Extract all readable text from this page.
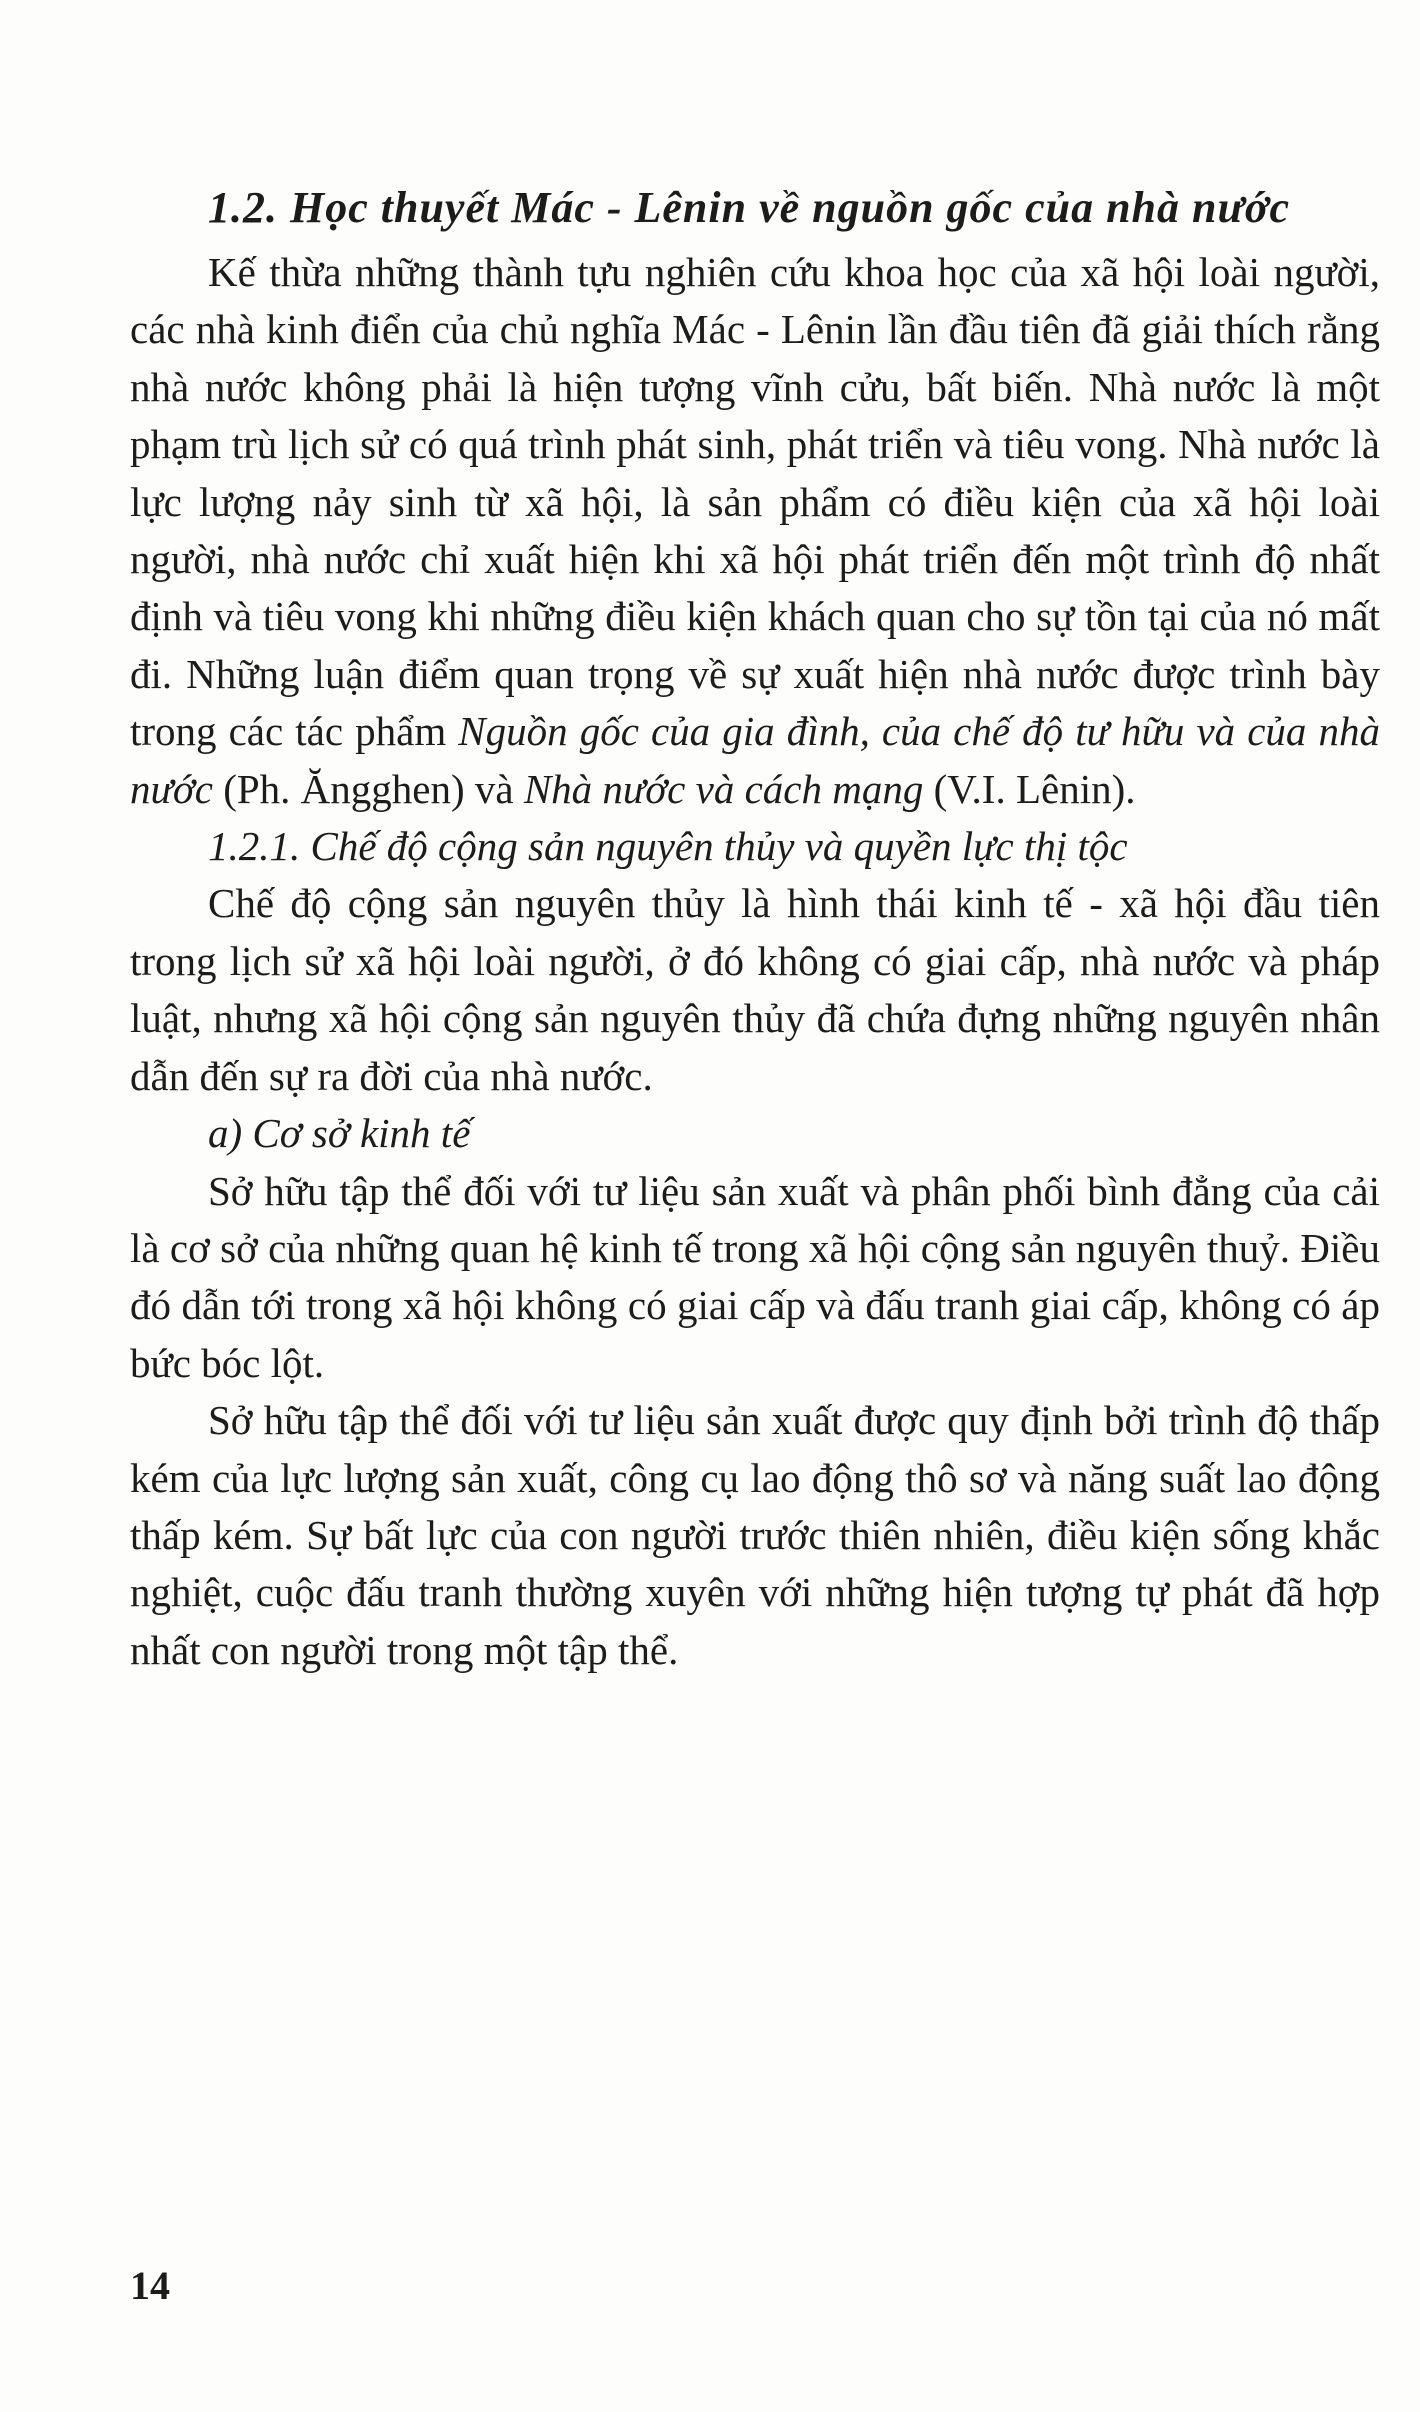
1.2. Học thuyết Mác - Lênin về nguồn gốc của nhà nước

Kế thừa những thành tựu nghiên cứu khoa học của xã hội loài người, các nhà kinh điển của chủ nghĩa Mác - Lênin lần đầu tiên đã giải thích rằng nhà nước không phải là hiện tượng vĩnh cửu, bất biến. Nhà nước là một phạm trù lịch sử có quá trình phát sinh, phát triển và tiêu vong. Nhà nước là lực lượng nảy sinh từ xã hội, là sản phẩm có điều kiện của xã hội loài người, nhà nước chỉ xuất hiện khi xã hội phát triển đến một trình độ nhất định và tiêu vong khi những điều kiện khách quan cho sự tồn tại của nó mất đi. Những luận điểm quan trọng về sự xuất hiện nhà nước được trình bày trong các tác phẩm Nguồn gốc của gia đình, của chế độ tư hữu và của nhà nước (Ph. Ăngghen) và Nhà nước và cách mạng (V.I. Lênin).

1.2.1. Chế độ cộng sản nguyên thủy và quyền lực thị tộc

Chế độ cộng sản nguyên thủy là hình thái kinh tế - xã hội đầu tiên trong lịch sử xã hội loài người, ở đó không có giai cấp, nhà nước và pháp luật, nhưng xã hội cộng sản nguyên thủy đã chứa đựng những nguyên nhân dẫn đến sự ra đời của nhà nước.

a) Cơ sở kinh tế

Sở hữu tập thể đối với tư liệu sản xuất và phân phối bình đẳng của cải là cơ sở của những quan hệ kinh tế trong xã hội cộng sản nguyên thuỷ. Điều đó dẫn tới trong xã hội không có giai cấp và đấu tranh giai cấp, không có áp bức bóc lột.

Sở hữu tập thể đối với tư liệu sản xuất được quy định bởi trình độ thấp kém của lực lượng sản xuất, công cụ lao động thô sơ và năng suất lao động thấp kém. Sự bất lực của con người trước thiên nhiên, điều kiện sống khắc nghiệt, cuộc đấu tranh thường xuyên với những hiện tượng tự phát đã hợp nhất con người trong một tập thể.

14
